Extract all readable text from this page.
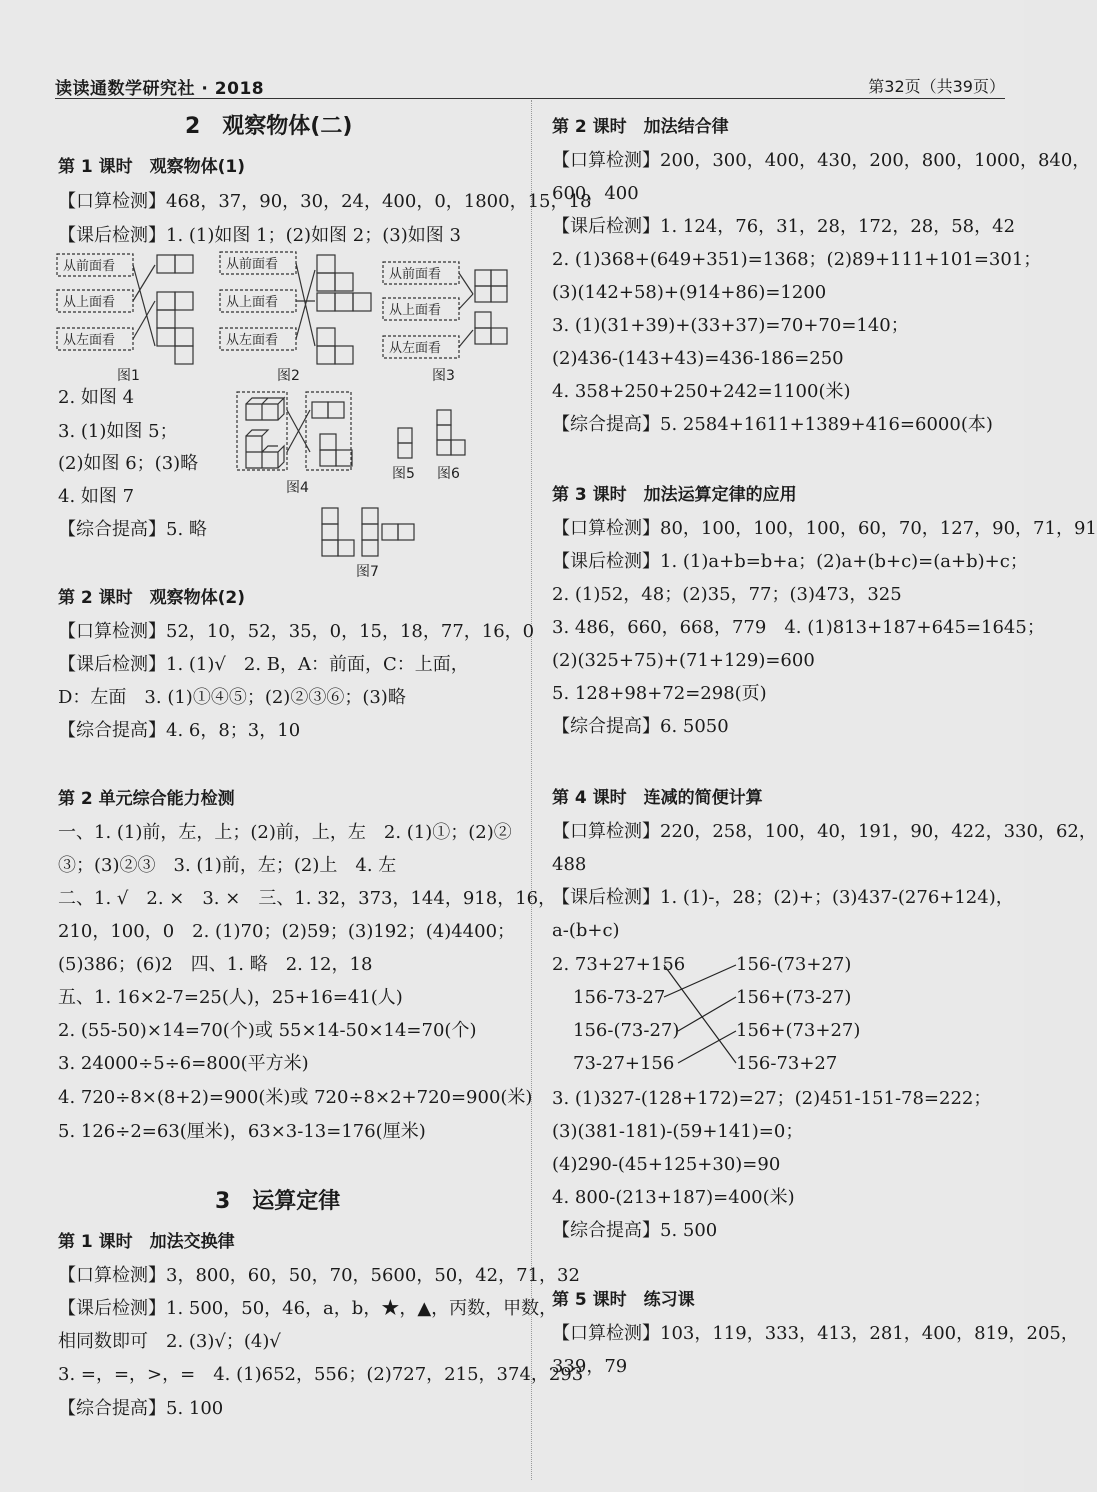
读读通数学研究社 · 2018	第32页（共39页）
2　观察物体(二)
第 1 课时　观察物体(1)
【口算检测】468，37，90，30，24，400，0，1800，15，18
【课后检测】1. (1)如图 1；(2)如图 2；(3)如图 3
从前面看
从上面看
从左面看
从前面看
从上面看
从左面看
从前面看
从上面看
从左面看
图1	图2	图3
2. 如图 4
3. (1)如图 5；
(2)如图 6；(3)略
4. 如图 7
【综合提高】5. 略
图4
图5 图6
图7
第 2 课时　观察物体(2)
【口算检测】52，10，52，35，0，15，18，77，16，0
【课后检测】1. (1)√　2. B，A：前面，C：上面，
D：左面　3. (1)①④⑤；(2)②③⑥；(3)略
【综合提高】4. 6，8；3，10
第 2 单元综合能力检测
一、1. (1)前，左，上；(2)前，上，左　2. (1)①；(2)②
③；(3)②③　3. (1)前，左；(2)上　4. 左
二、1. √　2. ×　3. ×　三、1. 32，373，144，918，16，
210，100，0　2. (1)70；(2)59；(3)192；(4)4400；
(5)386；(6)2　四、1. 略　2. 12，18
五、1. 16×2-7=25(人)，25+16=41(人)
2. (55-50)×14=70(个)或 55×14-50×14=70(个)
3. 24000÷5÷6=800(平方米)
4. 720÷8×(8+2)=900(米)或 720÷8×2+720=900(米)
5. 126÷2=63(厘米)，63×3-13=176(厘米)
3　运算定律
第 1 课时　加法交换律
【口算检测】3，800，60，50，70，5600，50，42，71，32
【课后检测】1. 500，50，46，a，b，★，▲，丙数，甲数，
相同数即可　2. (3)√；(4)√
3. =，=，>，=　4. (1)652，556；(2)727，215，374，293
【综合提高】5. 100
第 2 课时　加法结合律
【口算检测】200，300，400，430，200，800，1000，840，
600，400
【课后检测】1. 124，76，31，28，172，28，58，42
2. (1)368+(649+351)=1368；(2)89+111+101=301；
(3)(142+58)+(914+86)=1200
3. (1)(31+39)+(33+37)=70+70=140；
(2)436-(143+43)=436-186=250
4. 358+250+250+242=1100(米)
【综合提高】5. 2584+1611+1389+416=6000(本)
第 3 课时　加法运算定律的应用
【口算检测】80，100，100，100，60，70，127，90，71，91
【课后检测】1. (1)a+b=b+a；(2)a+(b+c)=(a+b)+c；
2. (1)52，48；(2)35，77；(3)473，325
3. 486，660，668，779　4. (1)813+187+645=1645；
(2)(325+75)+(71+129)=600
5. 128+98+72=298(页)
【综合提高】6. 5050
第 4 课时　连减的简便计算
【口算检测】220，258，100，40，191，90，422，330，62，
488
【课后检测】1. (1)-，28；(2)+；(3)437-(276+124)，
a-(b+c)
2. 73+27+156
156-73-27
156-(73-27)
73-27+156
156-(73+27)
156+(73-27)
156+(73+27)
156-73+27
3. (1)327-(128+172)=27；(2)451-151-78=222；
(3)(381-181)-(59+141)=0；
(4)290-(45+125+30)=90
4. 800-(213+187)=400(米)
【综合提高】5. 500
第 5 课时　练习课
【口算检测】103，119，333，413，281，400，819，205，
339，79
